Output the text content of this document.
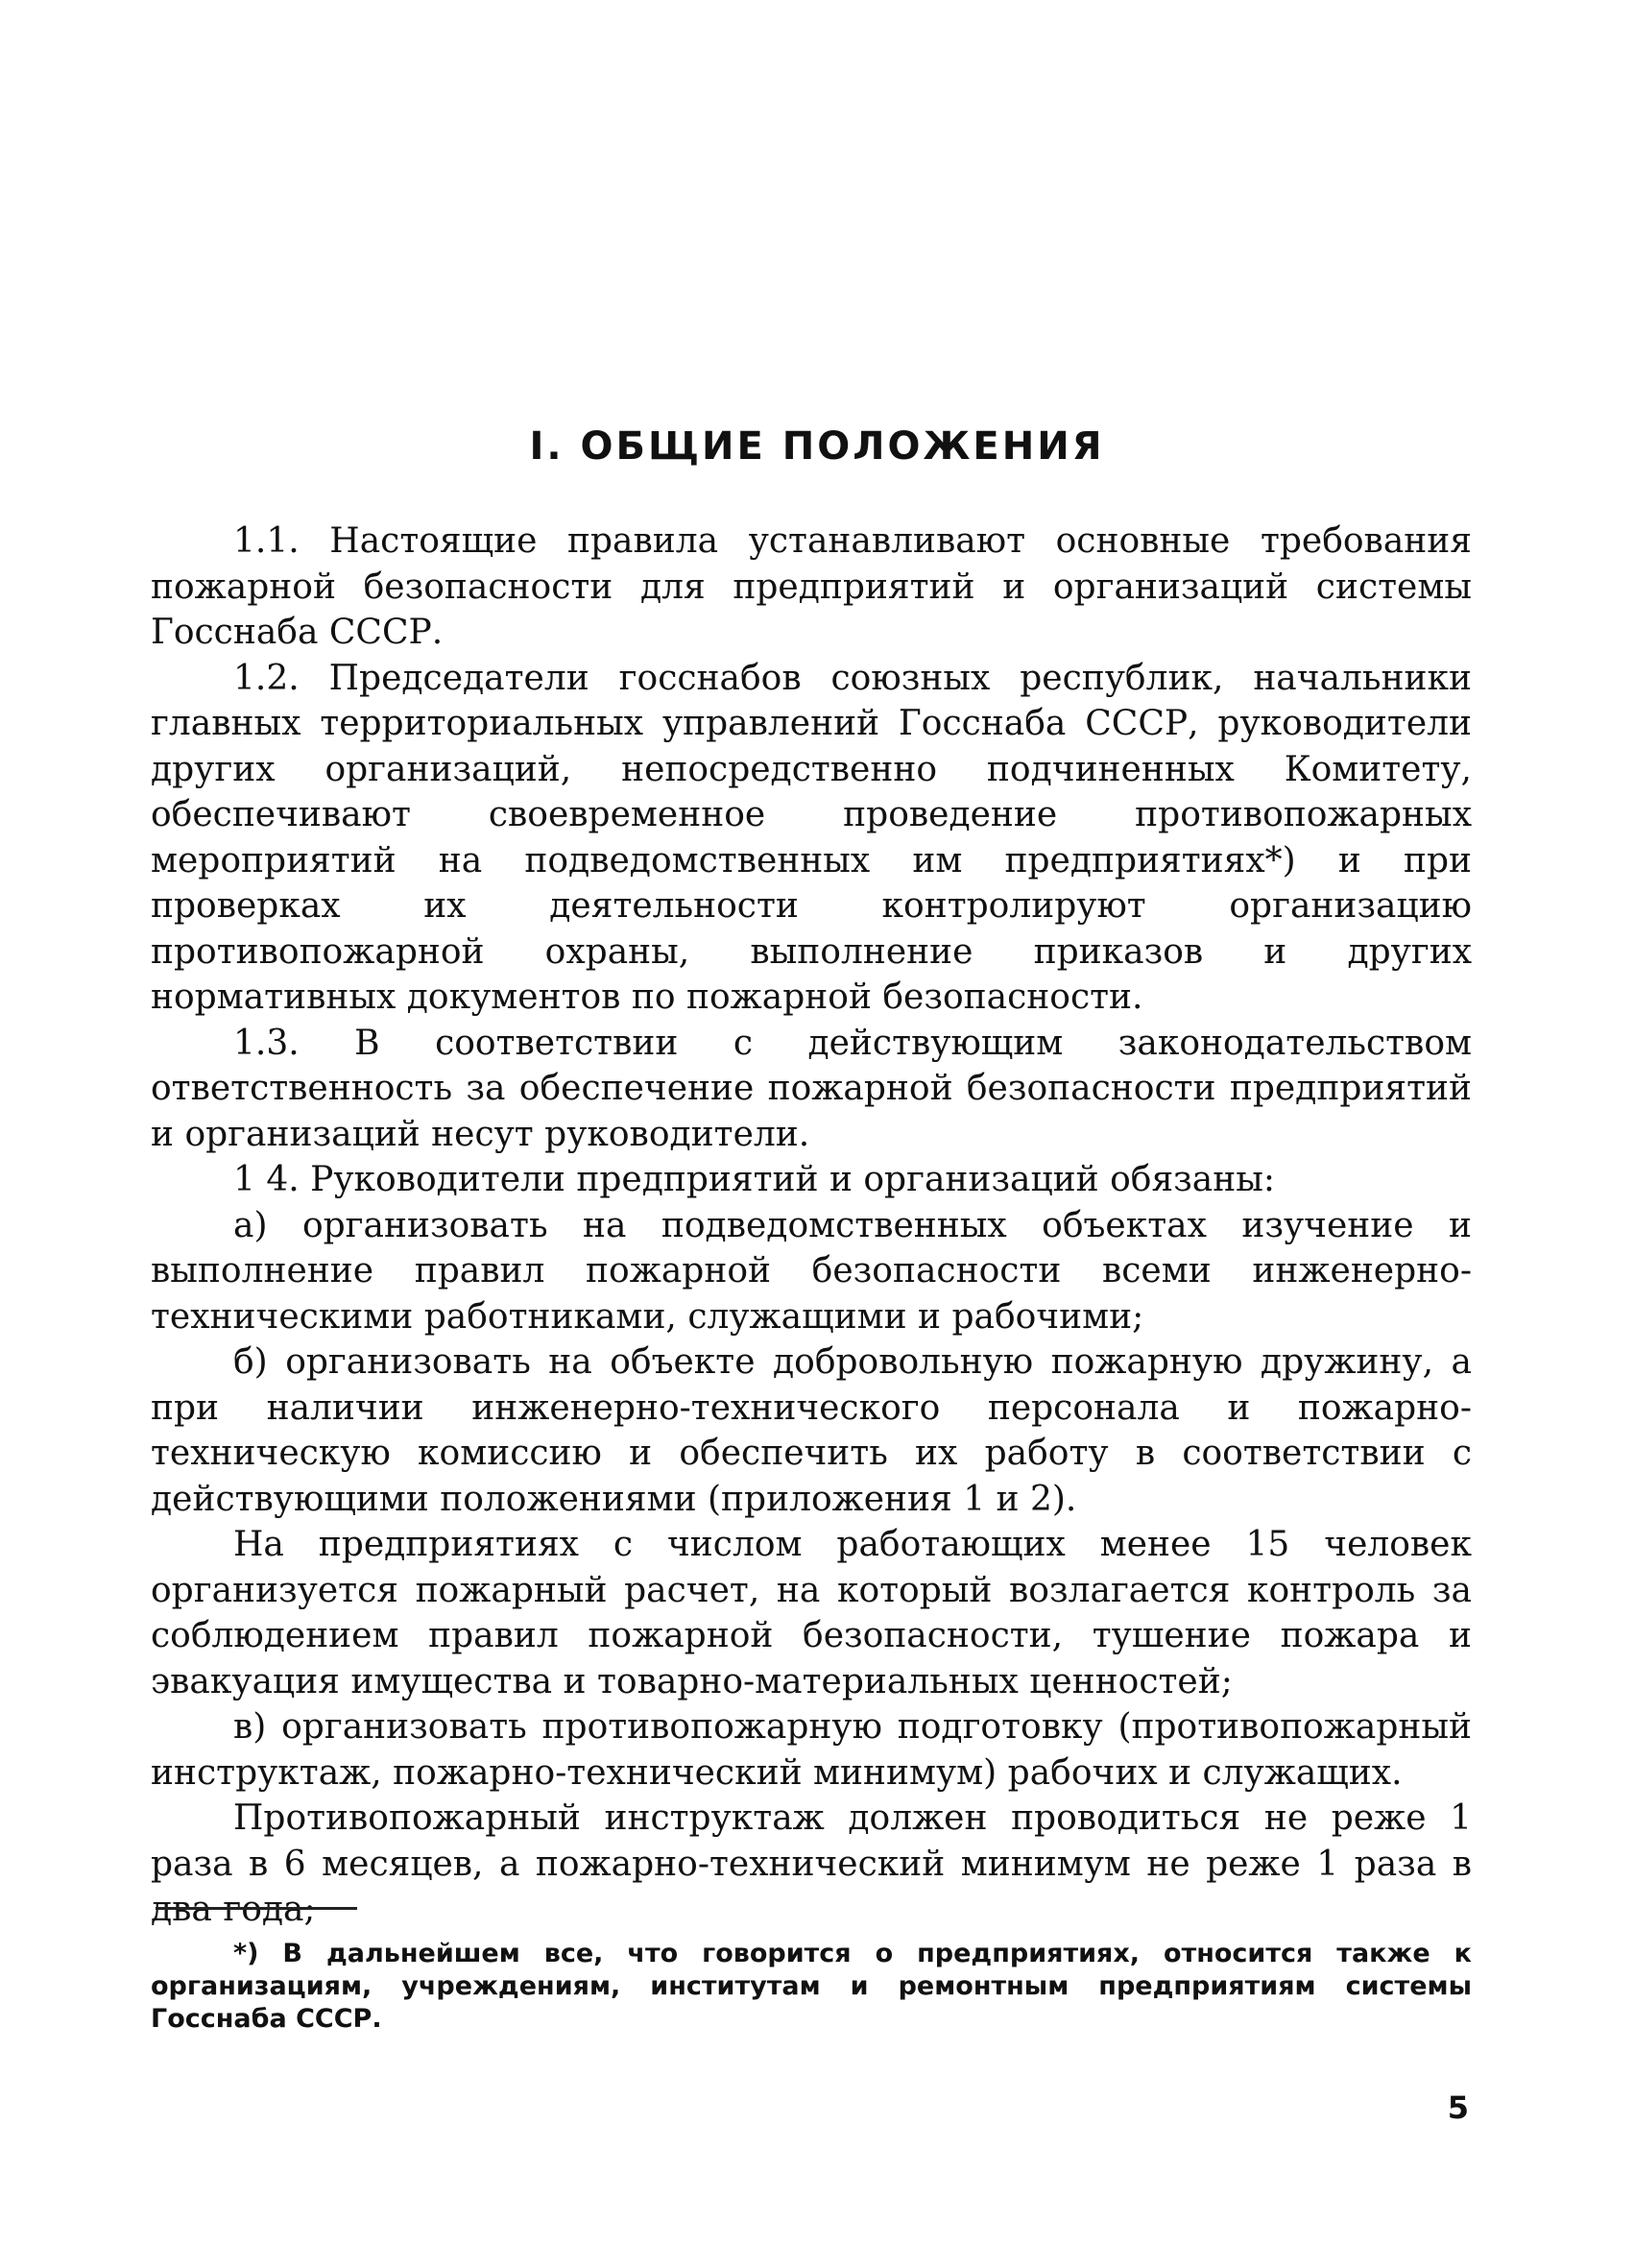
I. ОБЩИЕ ПОЛОЖЕНИЯ

1.1. Настоящие правила устанавливают основные требования пожарной безопасности для предприятий и организаций системы Госснаба СССР.

1.2. Председатели госснабов союзных республик, начальники главных территориальных управлений Госснаба СССР, руководители других организаций, непосредственно подчиненных Комитету, обеспечивают своевременное проведение противопожарных мероприятий на подведомственных им предприятиях*) и при проверках их деятельности контролируют организацию противопожарной охраны, выполнение приказов и других нормативных документов по пожарной безопасности.

1.3. В соответствии с действующим законодательством ответственность за обеспечение пожарной безопасности предприятий и организаций несут руководители.

1 4. Руководители предприятий и организаций обязаны:

а) организовать на подведомственных объектах изучение и выполнение правил пожарной безопасности всеми инженерно-техническими работниками, служащими и рабочими;

б) организовать на объекте добровольную пожарную дружину, а при наличии инженерно-технического персонала и пожарно-техническую комиссию и обеспечить их работу в соответствии с действующими положениями (приложения 1 и 2).

На предприятиях с числом работающих менее 15 человек организуется пожарный расчет, на который возлагается контроль за соблюдением правил пожарной безопасности, тушение пожара и эвакуация имущества и товарно-материальных ценностей;

в) организовать противопожарную подготовку (противопожарный инструктаж, пожарно-технический минимум) рабочих и служащих.

Противопожарный инструктаж должен проводиться не реже 1 раза в 6 месяцев, а пожарно-технический минимум не реже 1 раза в два года;

*) В дальнейшем все, что говорится о предприятиях, относится также к организациям, учреждениям, институтам и ремонтным предприятиям системы Госснаба СССР.
5
